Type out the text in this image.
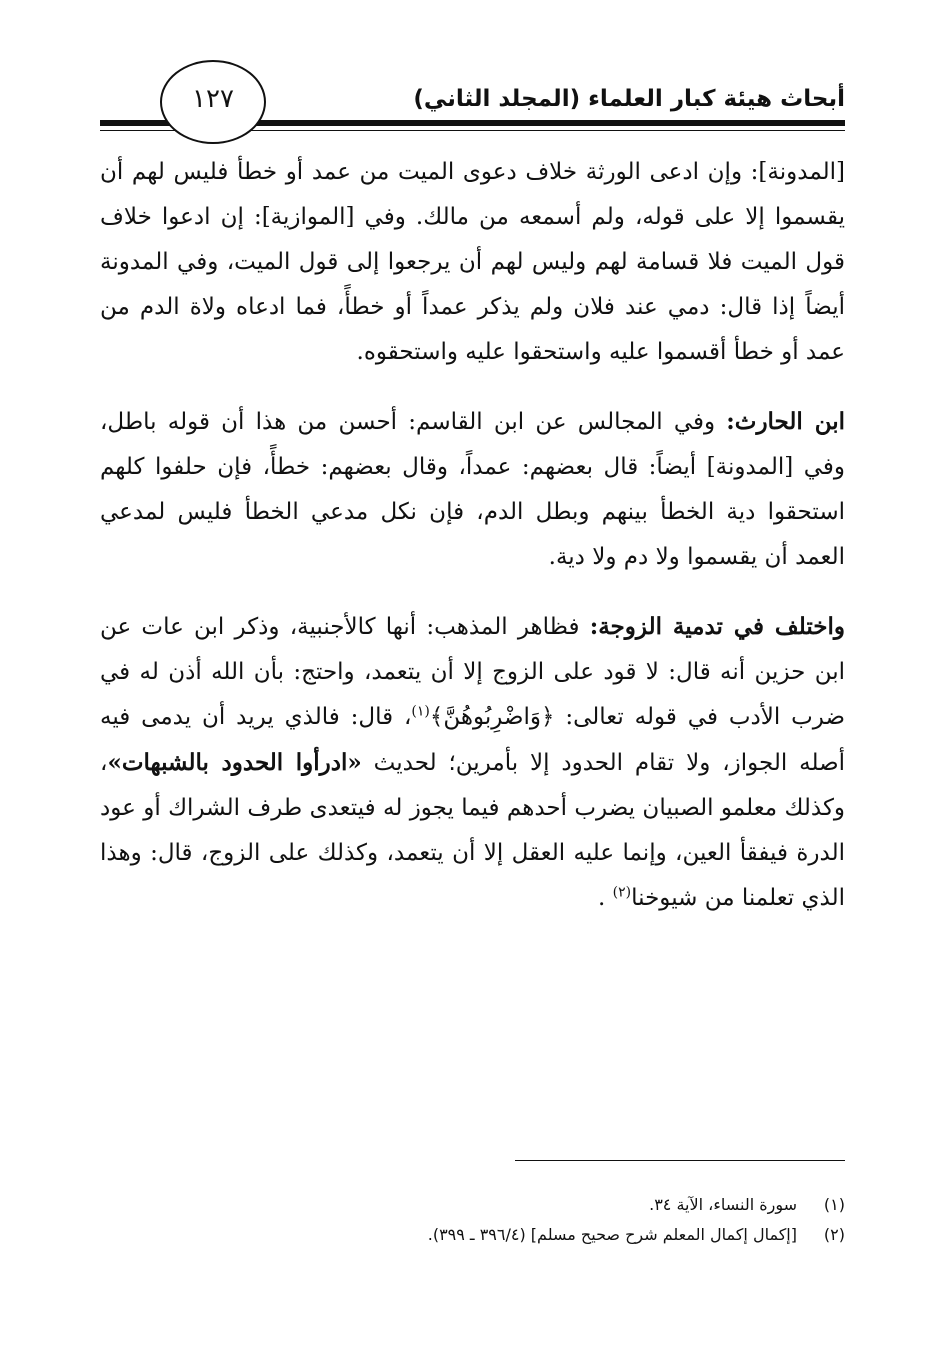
أبحاث هيئة كبار العلماء (المجلد الثاني)
١٢٧

[المدونة]: وإن ادعى الورثة خلاف دعوى الميت من عمد أو خطأ فليس لهم أن يقسموا إلا على قوله، ولم أسمعه من مالك. وفي [الموازية]: إن ادعوا خلاف قول الميت فلا قسامة لهم وليس لهم أن يرجعوا إلى قول الميت، وفي المدونة أيضاً إذا قال: دمي عند فلان ولم يذكر عمداً أو خطأً، فما ادعاه ولاة الدم من عمد أو خطأ أقسموا عليه واستحقوا عليه واستحقوه.

ابن الحارث: وفي المجالس عن ابن القاسم: أحسن من هذا أن قوله باطل، وفي [المدونة] أيضاً: قال بعضهم: عمداً، وقال بعضهم: خطأً، فإن حلفوا كلهم استحقوا دية الخطأ بينهم وبطل الدم، فإن نكل مدعي الخطأ فليس لمدعي العمد أن يقسموا ولا دم ولا دية.

واختلف في تدمية الزوجة: فظاهر المذهب: أنها كالأجنبية، وذكر ابن عات عن ابن حزين أنه قال: لا قود على الزوج إلا أن يتعمد، واحتج: بأن الله أذن له في ضرب الأدب في قوله تعالى: ﴿وَاضْرِبُوهُنَّ﴾$^{(١)}$، قال: فالذي يريد أن يدمى فيه أصله الجواز، ولا تقام الحدود إلا بأمرين؛ لحديث «ادرأوا الحدود بالشبهات»، وكذلك معلمو الصبيان يضرب أحدهم فيما يجوز له فيتعدى طرف الشراك أو عود الدرة فيفقأ العين، وإنما عليه العقل إلا أن يتعمد، وكذلك على الزوج، قال: وهذا الذي تعلمنا من شيوخنا$^{(٢)}$ .

(١)سورة النساء، الآية ٣٤.
(٢)[إكمال إكمال المعلم شرح صحيح مسلم] (٣٩٦/٤ ـ ٣٩٩).
